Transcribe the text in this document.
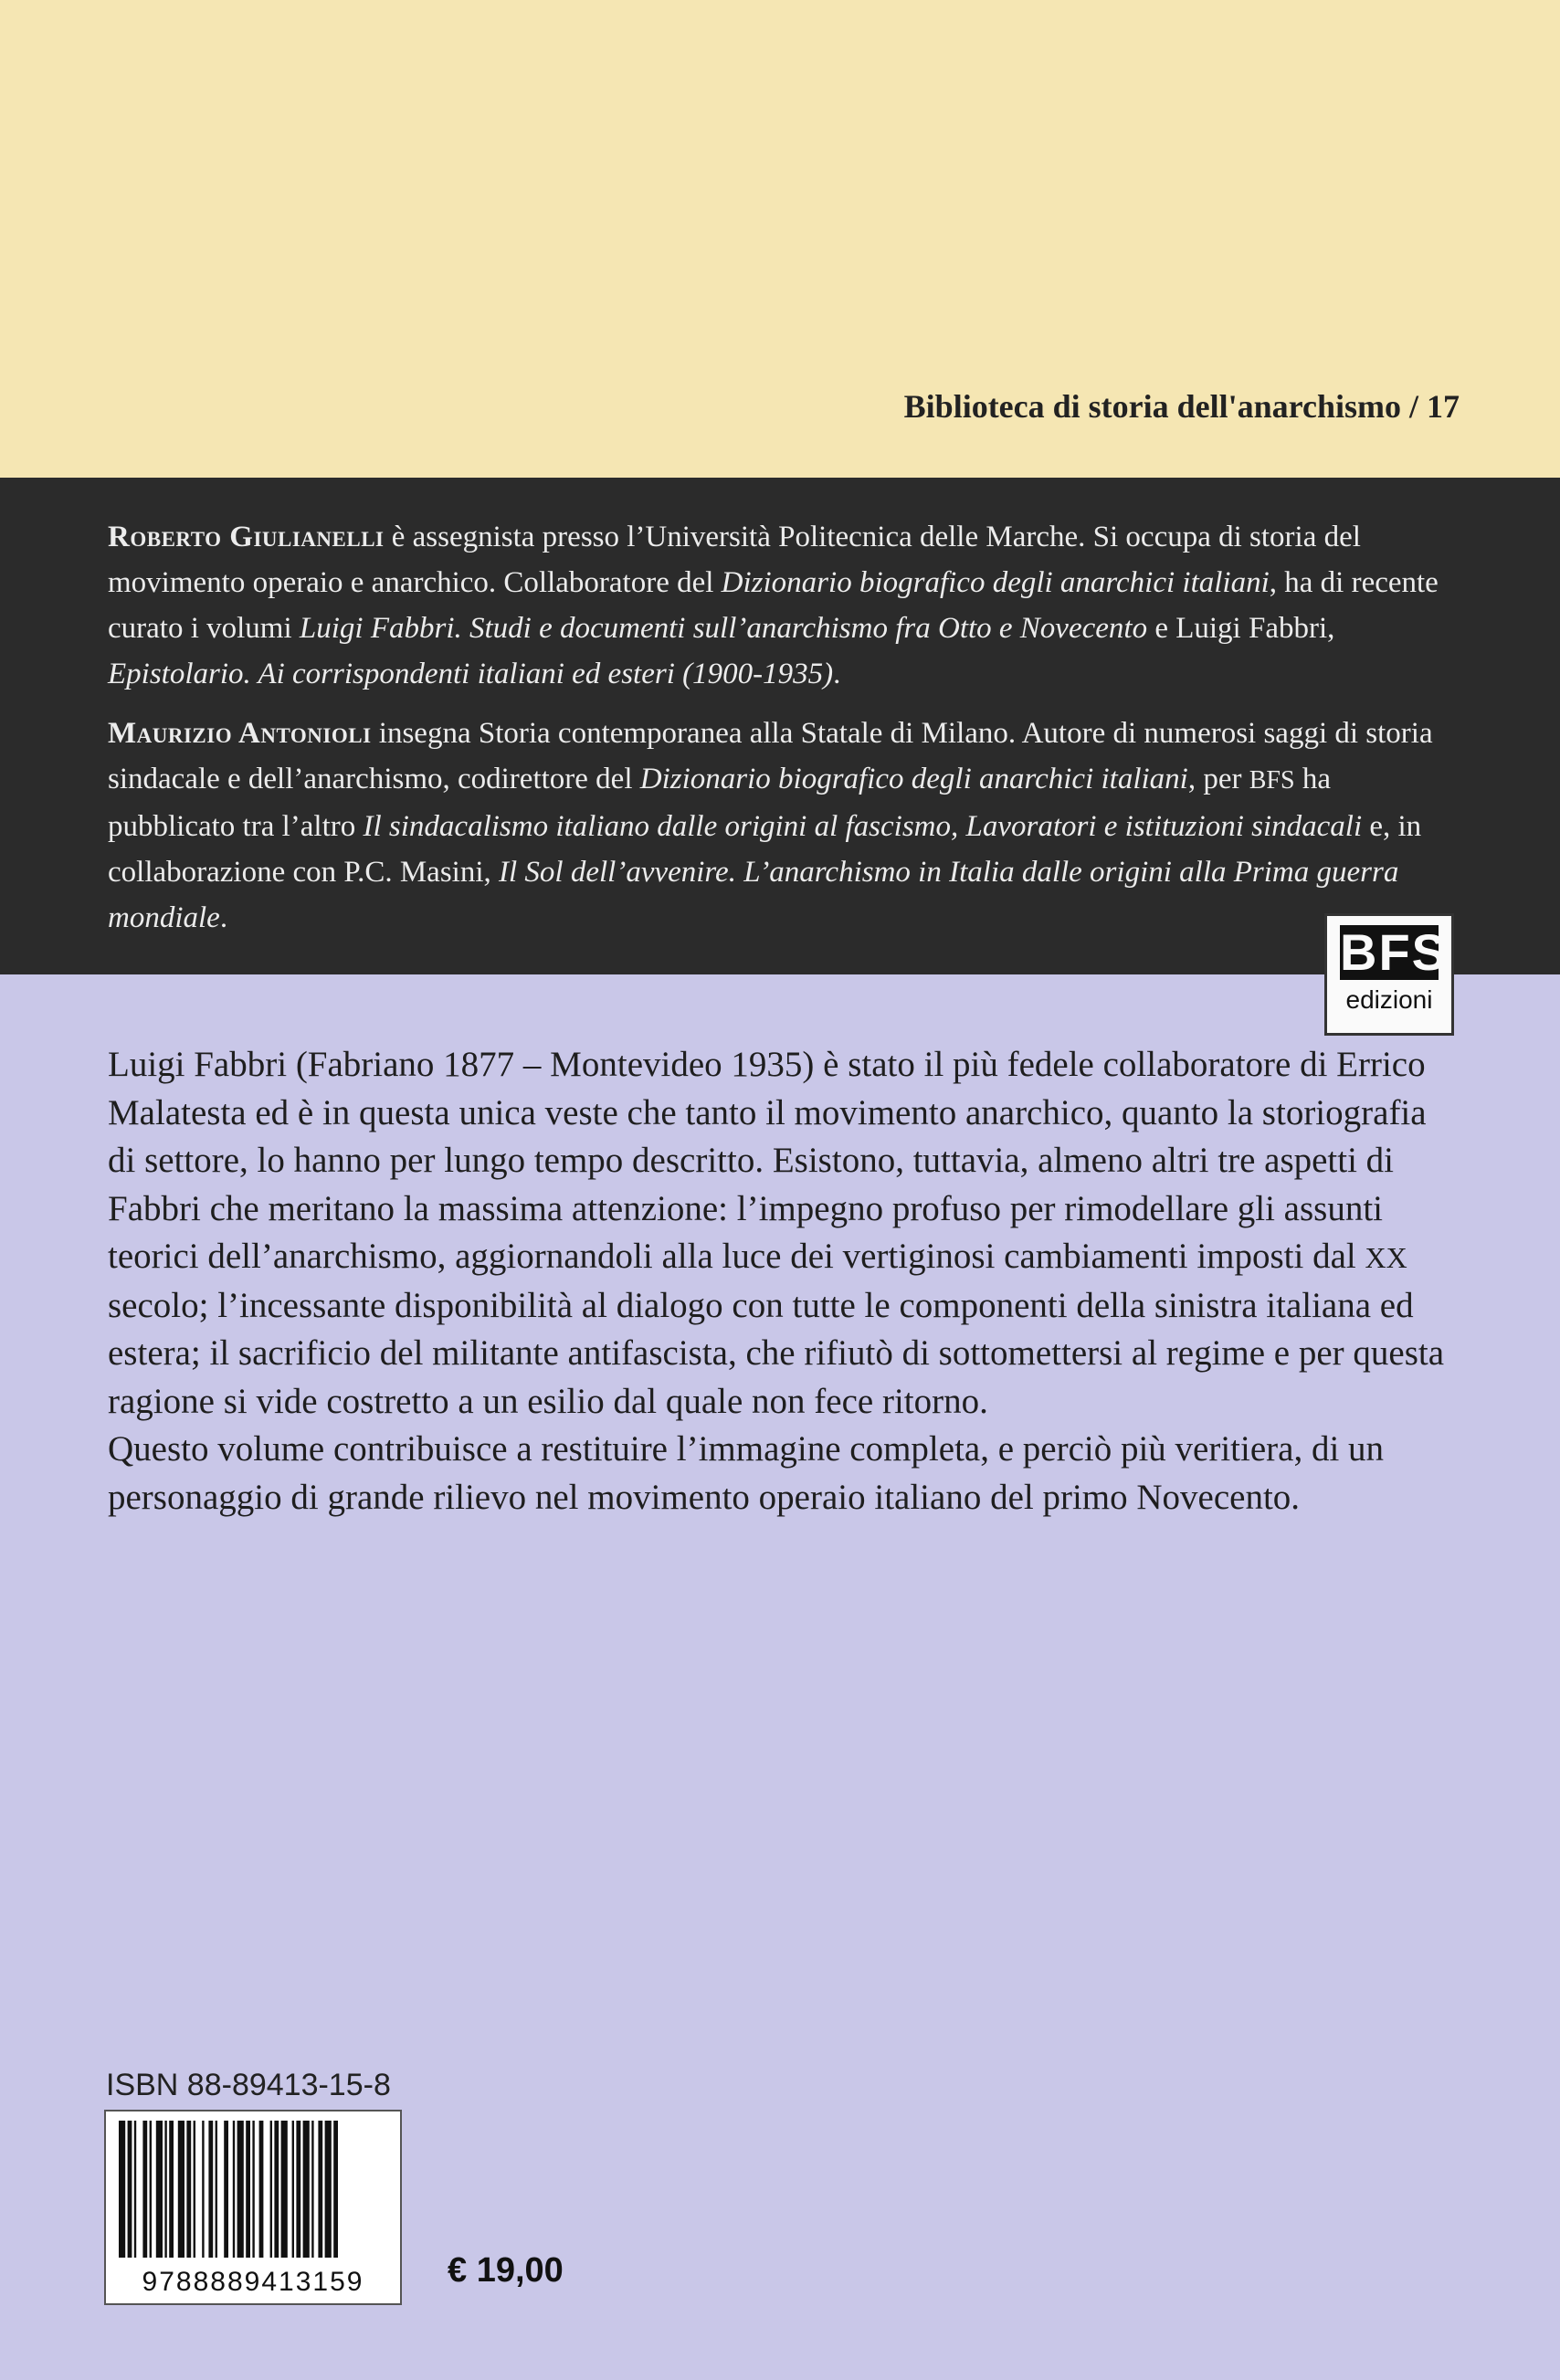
Biblioteca di storia dell'anarchismo / 17

Roberto Giulianelli è assegnista presso l’Università Politecnica delle Marche. Si occupa di storia del movimento operaio e anarchico. Collaboratore del Dizionario biografico degli anarchici italiani, ha di recente curato i volumi Luigi Fabbri. Studi e documenti sull’anarchismo fra Otto e Novecento e Luigi Fabbri, Epistolario. Ai corrispondenti italiani ed esteri (1900-1935).

Maurizio Antonioli insegna Storia contemporanea alla Statale di Milano. Autore di numerosi saggi di storia sindacale e dell’anarchismo, codirettore del Dizionario biografico degli anarchici italiani, per BFS ha pubblicato tra l’altro Il sindacalismo italiano dalle origini al fascismo, Lavoratori e istituzioni sindacali e, in collaborazione con P.C. Masini, Il Sol dell’avvenire. L’anarchismo in Italia dalle origini alla Prima guerra mondiale.

BFS
edizioni

Luigi Fabbri (Fabriano 1877 – Montevideo 1935) è stato il più fedele collaboratore di Errico Malatesta ed è in questa unica veste che tanto il movimento anarchico, quanto la storiografia di settore, lo hanno per lungo tempo descritto. Esistono, tuttavia, almeno altri tre aspetti di Fabbri che meritano la massima attenzione: l’impegno profuso per rimodellare gli assunti teorici dell’anarchismo, aggiornandoli alla luce dei vertiginosi cambiamenti imposti dal XX secolo; l’incessante disponibilità al dialogo con tutte le componenti della sinistra italiana ed estera; il sacrificio del militante antifascista, che rifiutò di sottomettersi al regime e per questa ragione si vide costretto a un esilio dal quale non fece ritorno.
Questo volume contribuisce a restituire l’immagine completa, e perciò più veritiera, di un personaggio di grande rilievo nel movimento operaio italiano del primo Novecento.

ISBN 88-89413-15-8
9788889413159	€ 19,00
